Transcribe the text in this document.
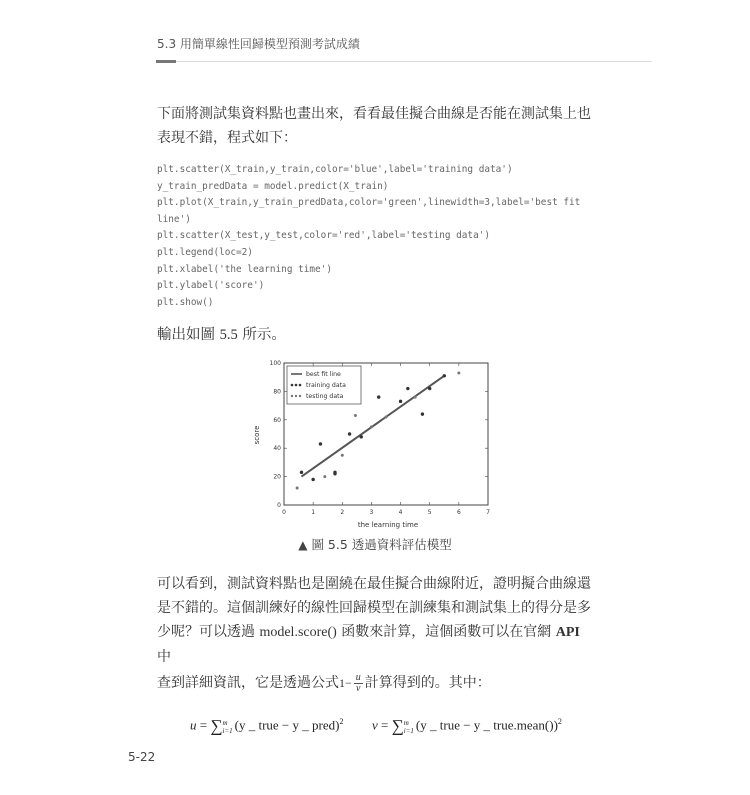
5.3 用簡單線性回歸模型預測考試成績
下面將測試集資料點也畫出來，看看最佳擬合曲線是否能在測試集上也
表現不錯，程式如下：
plt.scatter(X_train,y_train,color='blue',label='training data')
y_train_predData = model.predict(X_train)
plt.plot(X_train,y_train_predData,color='green',linewidth=3,label='best fit
line')
plt.scatter(X_test,y_test,color='red',label='testing data')
plt.legend(loc=2)
plt.xlabel('the learning time')
plt.ylabel('score')
plt.show()
輸出如圖 5.5 所示。
0
20
40
60
80
100
0	1	2	3	4	5	6	7
best fit line
training data
testing data
the learning time
score
▲ 圖 5.5 透過資料評估模型
可以看到，測試資料點也是圍繞在最佳擬合曲線附近，證明擬合曲線還
是不錯的。這個訓練好的線性回歸模型在訓練集和測試集上的得分是多
少呢？可以透過 model.score() 函數來計算，這個函數可以在官網 API 中
查到詳細資訊，它是透過公式$1- \frac{u}{v}$ 計算得到的。其中：
u = ∑ m
i=1 (y _ true − y _ pred)$^2$ v = ∑ m
i=1 (y _ true − y _ true.mean())$^2$
5-22
